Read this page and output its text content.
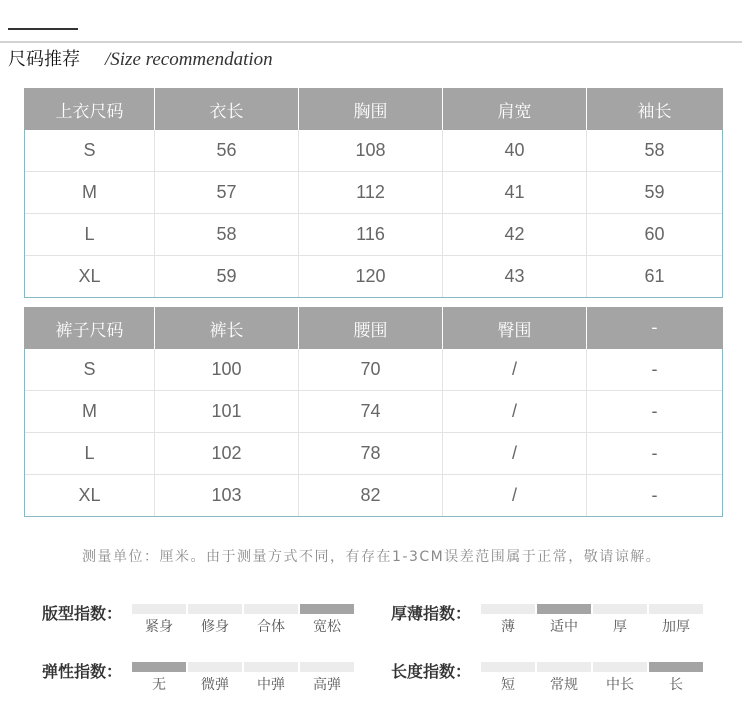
尺码推荐 /Size recommendation
上衣尺码	衣长	胸围	肩宽	袖长
S	56	108	40	58
M	57	112	41	59
L	58	116	42	60
XL	59	120	43	61
裤子尺码	裤长	腰围	臀围	-
S	100	70	/	-
M	101	74	/	-
L	102	78	/	-
XL	103	82	/	-
测量单位：厘米。由于测量方式不同，有存在1-3CM误差范围属于正常，敬请谅解。
版型指数：
紧身	修身	合体	宽松
厚薄指数：
薄	适中	厚	加厚
弹性指数：
无	微弹	中弹	高弹
长度指数：
短	常规	中长	长
